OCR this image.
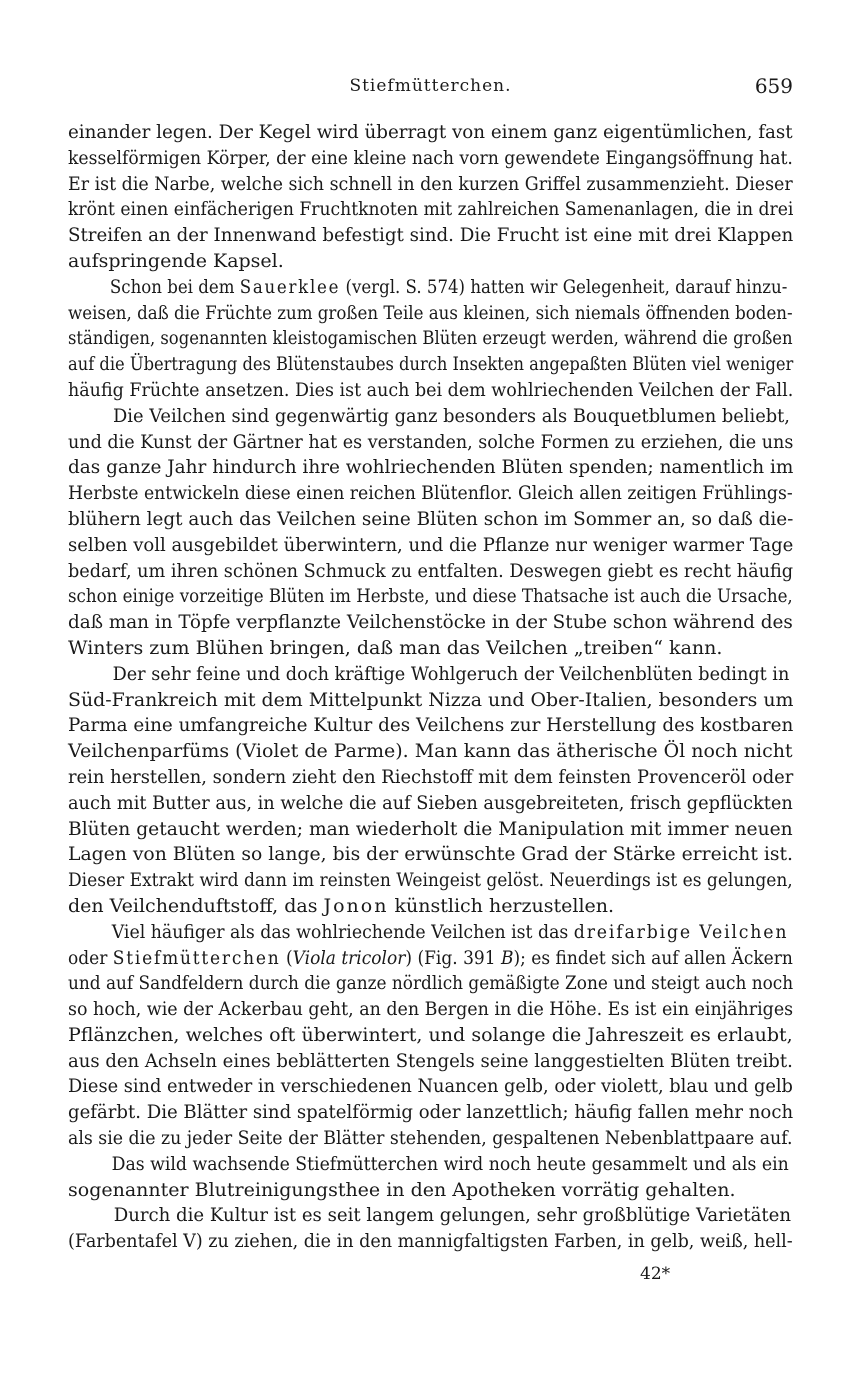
Stiefmütterchen.	659

einander legen. Der Kegel wird überragt von einem ganz eigentümlichen, fast
kesselförmigen Körper, der eine kleine nach vorn gewendete Eingangsöffnung hat.
Er ist die Narbe, welche sich schnell in den kurzen Griffel zusammenzieht. Dieser
krönt einen einfächerigen Fruchtknoten mit zahlreichen Samenanlagen, die in drei
Streifen an der Innenwand befestigt sind. Die Frucht ist eine mit drei Klappen
aufspringende Kapsel.

Schon bei dem Sauerklee (vergl. S. 574) hatten wir Gelegenheit, darauf hinzu-
weisen, daß die Früchte zum großen Teile aus kleinen, sich niemals öffnenden boden-
ständigen, sogenannten kleistogamischen Blüten erzeugt werden, während die großen
auf die Übertragung des Blütenstaubes durch Insekten angepaßten Blüten viel weniger
häufig Früchte ansetzen. Dies ist auch bei dem wohlriechenden Veilchen der Fall.

Die Veilchen sind gegenwärtig ganz besonders als Bouquetblumen beliebt,
und die Kunst der Gärtner hat es verstanden, solche Formen zu erziehen, die uns
das ganze Jahr hindurch ihre wohlriechenden Blüten spenden; namentlich im
Herbste entwickeln diese einen reichen Blütenflor. Gleich allen zeitigen Frühlings-
blühern legt auch das Veilchen seine Blüten schon im Sommer an, so daß die-
selben voll ausgebildet überwintern, und die Pflanze nur weniger warmer Tage
bedarf, um ihren schönen Schmuck zu entfalten. Deswegen giebt es recht häufig
schon einige vorzeitige Blüten im Herbste, und diese Thatsache ist auch die Ursache,
daß man in Töpfe verpflanzte Veilchenstöcke in der Stube schon während des
Winters zum Blühen bringen, daß man das Veilchen „treiben“ kann.

Der sehr feine und doch kräftige Wohlgeruch der Veilchenblüten bedingt in
Süd-Frankreich mit dem Mittelpunkt Nizza und Ober-Italien, besonders um
Parma eine umfangreiche Kultur des Veilchens zur Herstellung des kostbaren
Veilchenparfüms (Violet de Parme). Man kann das ätherische Öl noch nicht
rein herstellen, sondern zieht den Riechstoff mit dem feinsten Provenceröl oder
auch mit Butter aus, in welche die auf Sieben ausgebreiteten, frisch gepflückten
Blüten getaucht werden; man wiederholt die Manipulation mit immer neuen
Lagen von Blüten so lange, bis der erwünschte Grad der Stärke erreicht ist.
Dieser Extrakt wird dann im reinsten Weingeist gelöst. Neuerdings ist es gelungen,
den Veilchenduftstoff, das Jonon künstlich herzustellen.

Viel häufiger als das wohlriechende Veilchen ist das dreifarbige Veilchen
oder Stiefmütterchen (Viola tricolor) (Fig. 391 B); es findet sich auf allen Äckern
und auf Sandfeldern durch die ganze nördlich gemäßigte Zone und steigt auch noch
so hoch, wie der Ackerbau geht, an den Bergen in die Höhe. Es ist ein einjähriges
Pflänzchen, welches oft überwintert, und solange die Jahreszeit es erlaubt,
aus den Achseln eines beblätterten Stengels seine langgestielten Blüten treibt.
Diese sind entweder in verschiedenen Nuancen gelb, oder violett, blau und gelb
gefärbt. Die Blätter sind spatelförmig oder lanzettlich; häufig fallen mehr noch
als sie die zu jeder Seite der Blätter stehenden, gespaltenen Nebenblattpaare auf.

Das wild wachsende Stiefmütterchen wird noch heute gesammelt und als ein
sogenannter Blutreinigungsthee in den Apotheken vorrätig gehalten.

Durch die Kultur ist es seit langem gelungen, sehr großblütige Varietäten
(Farbentafel V) zu ziehen, die in den mannigfaltigsten Farben, in gelb, weiß, hell-

42*
